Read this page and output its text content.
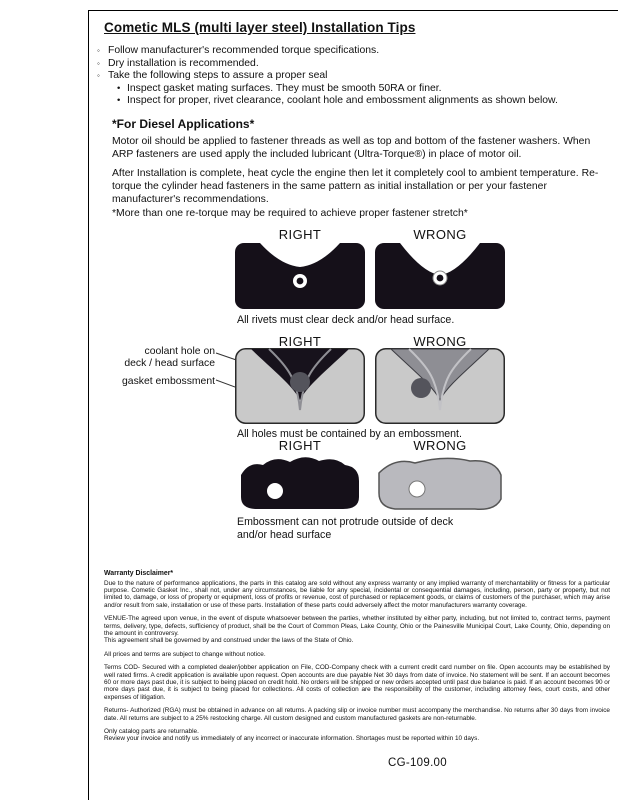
Cometic MLS (multi layer steel) Installation Tips
◦ Follow manufacturer's recommended torque specifications.
◦ Dry installation is recommended.
◦ Take the following steps to assure a proper seal
• Inspect gasket mating surfaces. They must be smooth 50RA or finer.
• Inspect for proper, rivet clearance, coolant hole and embossment alignments as shown below.
*For Diesel Applications*
Motor oil should be applied to fastener threads as well as top and bottom of the fastener washers. When ARP fasteners are used apply the included lubricant (Ultra-Torque®) in place of motor oil.
After Installation is complete, heat cycle the engine then let it completely cool to ambient temperature. Re-torque the cylinder head fasteners in the same pattern as initial installation or per your fastener manufacturer's recommendations.
*More than one re-torque may be required to achieve proper fastener stretch*
RIGHT	WRONG
All rivets must clear deck and/or head surface.
RIGHT	WRONG
coolant hole on
deck / head surface
gasket embossment
All holes must be contained by an embossment.
RIGHT	WRONG
Embossment can not protrude outside of deck
and/or head surface
Warranty Disclaimer*
Due to the nature of performance applications, the parts in this catalog are sold without any express warranty or any implied warranty of merchantability or fitness for a particular purpose. Cometic Gasket Inc., shall not, under any circumstances, be liable for any special, incidental or consequential damages, including, person, party or property, but not limited to, damage, or loss of property or equipment, loss of profits or revenue, cost of purchased or replacement goods, or claims of customers of the purchaser, which may arise and/or result from sale, installation or use of these parts. Installation of these parts could adversely affect the motor manufacturers warranty coverage.
VENUE-The agreed upon venue, in the event of dispute whatsoever between the parties, whether instituted by either party, including, but not limited to, contract terms, payment terms, delivery, type, defects, sufficiency of product, shall be the Court of Common Pleas, Lake County, Ohio or the Painesville Municipal Court, Lake County, Ohio, depending on the amount in controversy.
This agreement shall be governed by and construed under the laws of the State of Ohio.
All prices and terms are subject to change without notice.
Terms COD- Secured with a completed dealer/jobber application on File, COD-Company check with a current credit card number on file. Open accounts may be established by well rated firms. A credit application is available upon request. Open accounts are due payable Net 30 days from date of invoice. No statement will be sent. If an account becomes 60 or more days past due, it is subject to being placed on credit hold. No orders will be shipped or new orders accepted until past due balance is paid. If an account becomes 90 or more days past due, it is subject to being placed for collections. All costs of collection are the responsibility of the customer, including attorney fees, court costs, and other expenses of litigation.
Returns- Authorized (RGA) must be obtained in advance on all returns. A packing slip or invoice number must accompany the merchandise. No returns after 30 days from invoice date. All returns are subject to a 25% restocking charge. All custom designed and custom manufactured gaskets are non-returnable.
Only catalog parts are returnable.
Review your invoice and notify us immediately of any incorrect or inaccurate information. Shortages must be reported within 10 days.
CG-109.00
